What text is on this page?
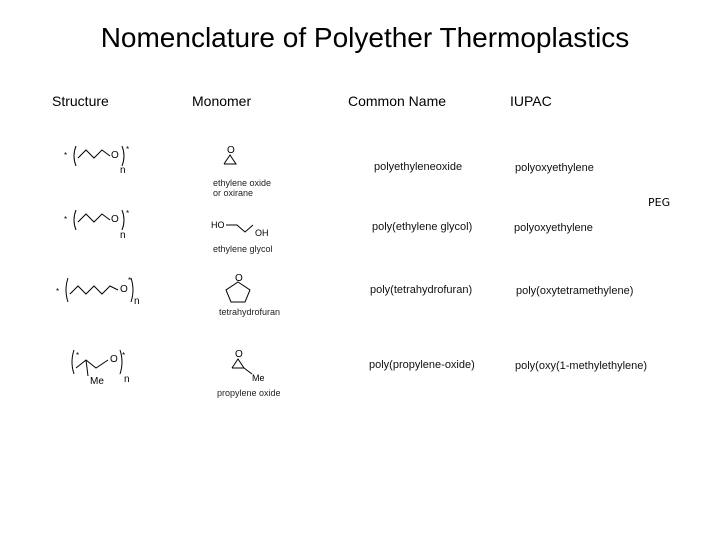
Nomenclature of Polyether Thermoplastics
Structure	Monomer	Common Name	IUPAC
*	O
*
n
O
ethylene oxide
or oxirane
polyethyleneoxide	polyoxyethylene
PEG
*	O
*
n
HO
OH
ethylene glycol
poly(ethylene glycol)	polyoxyethylene
*	O
*
n
O
tetrahydrofuran
poly(tetrahydrofuran)	poly(oxytetramethylene)
*	O
Me
*
n
O
Me
propylene oxide
poly(propylene-oxide)	poly(oxy(1-methylethylene)
